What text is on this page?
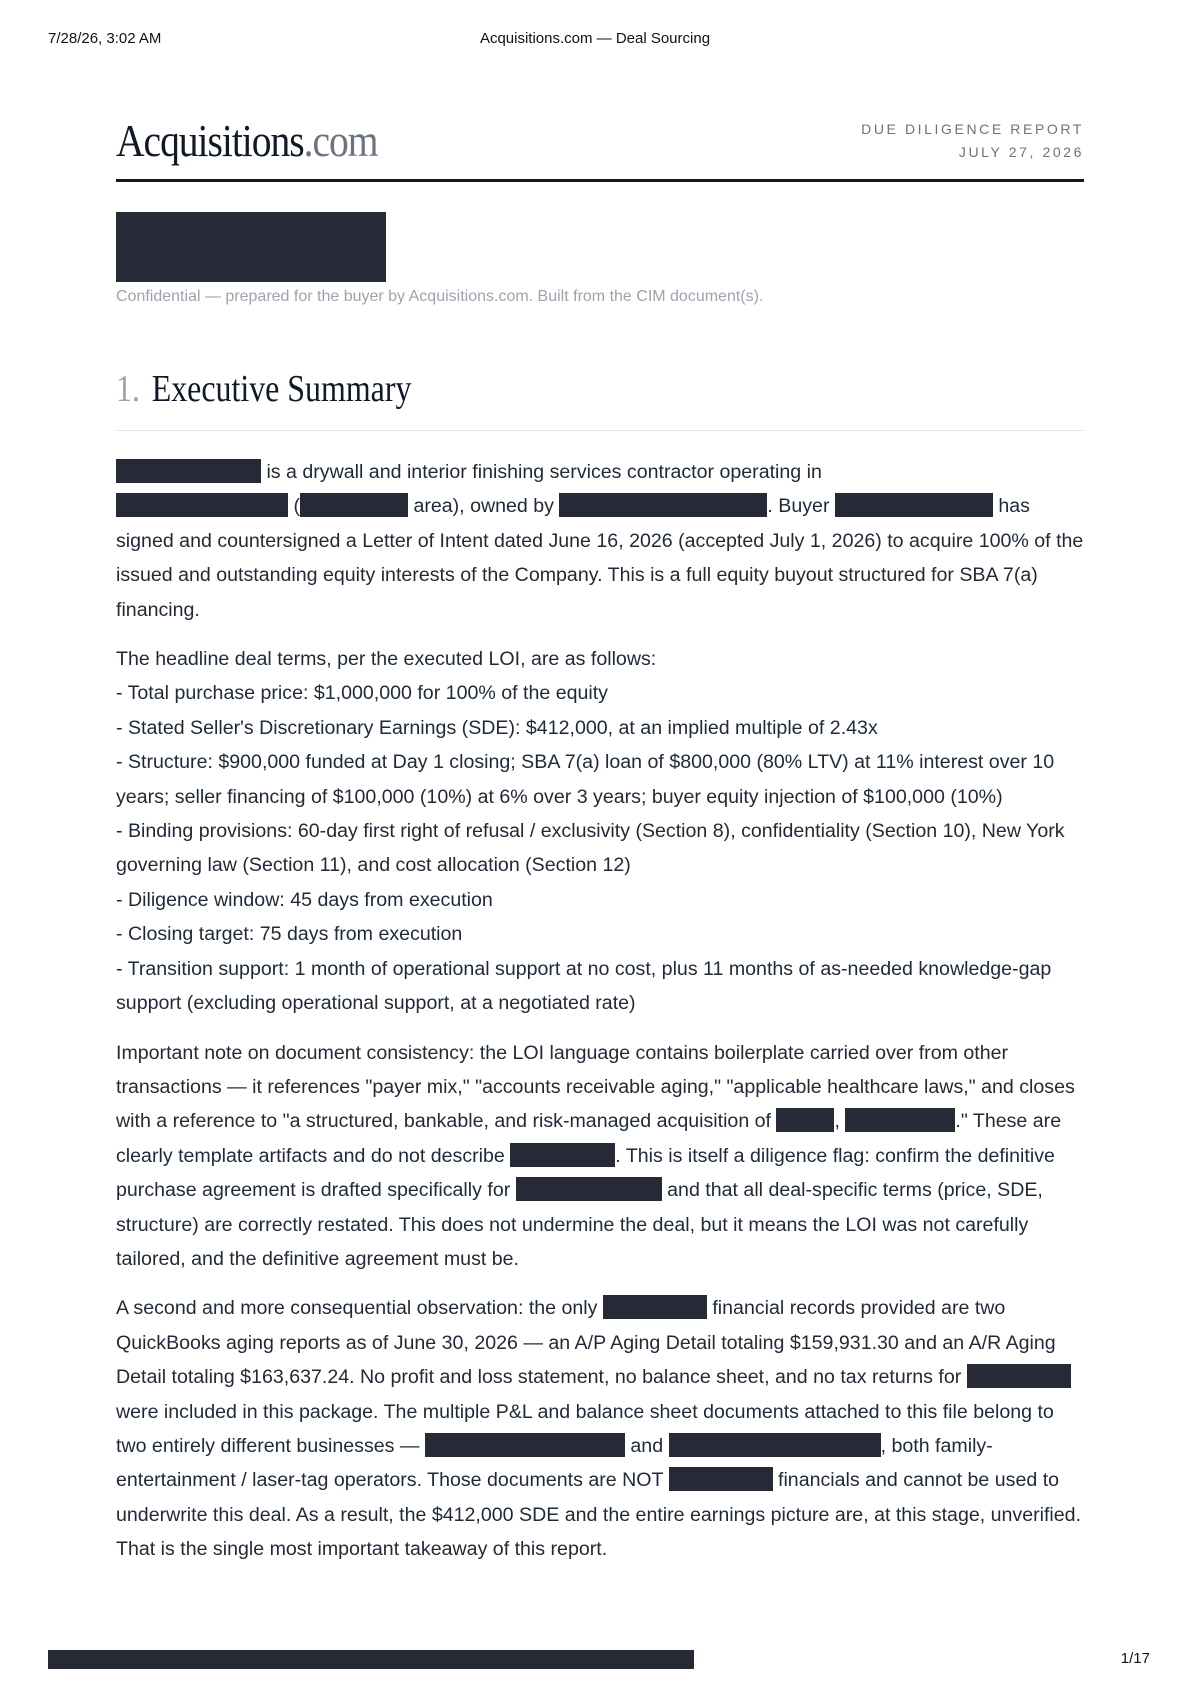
7/28/26, 3:02 AM	Acquisitions.com — Deal Sourcing
Acquisitions.com	DUE DILIGENCE REPORT
JULY 27, 2026
Confidential — prepared for the buyer by Acquisitions.com. Built from the CIM document(s).
1. Executive Summary

is a drywall and interior finishing services contractor operating in  (	area), owned by	. Buyer	has signed and countersigned a Letter of Intent dated June 16, 2026 (accepted July 1, 2026) to acquire 100% of the issued and outstanding equity interests of the Company. This is a full equity buyout structured for SBA 7(a) financing.

The headline deal terms, per the executed LOI, are as follows:
- Total purchase price: $1,000,000 for 100% of the equity
- Stated Seller's Discretionary Earnings (SDE): $412,000, at an implied multiple of 2.43x
- Structure: $900,000 funded at Day 1 closing; SBA 7(a) loan of $800,000 (80% LTV) at 11% interest over 10 years; seller financing of $100,000 (10%) at 6% over 3 years; buyer equity injection of $100,000 (10%)
- Binding provisions: 60-day first right of refusal / exclusivity (Section 8), confidentiality (Section 10), New York governing law (Section 11), and cost allocation (Section 12)
- Diligence window: 45 days from execution
- Closing target: 75 days from execution
- Transition support: 1 month of operational support at no cost, plus 11 months of as-needed knowledge-gap support (excluding operational support, at a negotiated rate)

Important note on document consistency: the LOI language contains boilerplate carried over from other transactions — it references "payer mix," "accounts receivable aging," "applicable healthcare laws," and closes with a reference to "a structured, bankable, and risk-managed acquisition of	,	." These are clearly template artifacts and do not describe	. This is itself a diligence flag: confirm the definitive purchase agreement is drafted specifically for	and that all deal-specific terms (price, SDE, structure) are correctly restated. This does not undermine the deal, but it means the LOI was not carefully tailored, and the definitive agreement must be.

A second and more consequential observation: the only	financial records provided are two QuickBooks aging reports as of June 30, 2026 — an A/P Aging Detail totaling $159,931.30 and an A/R Aging Detail totaling $163,637.24. No profit and loss statement, no balance sheet, and no tax returns for  were included in this package. The multiple P&L and balance sheet documents attached to this file belong to two entirely different businesses —	and	, both family-entertainment / laser-tag operators. Those documents are NOT	financials and cannot be used to underwrite this deal. As a result, the $412,000 SDE and the entire earnings picture are, at this stage, unverified. That is the single most important takeaway of this report.

1/17
